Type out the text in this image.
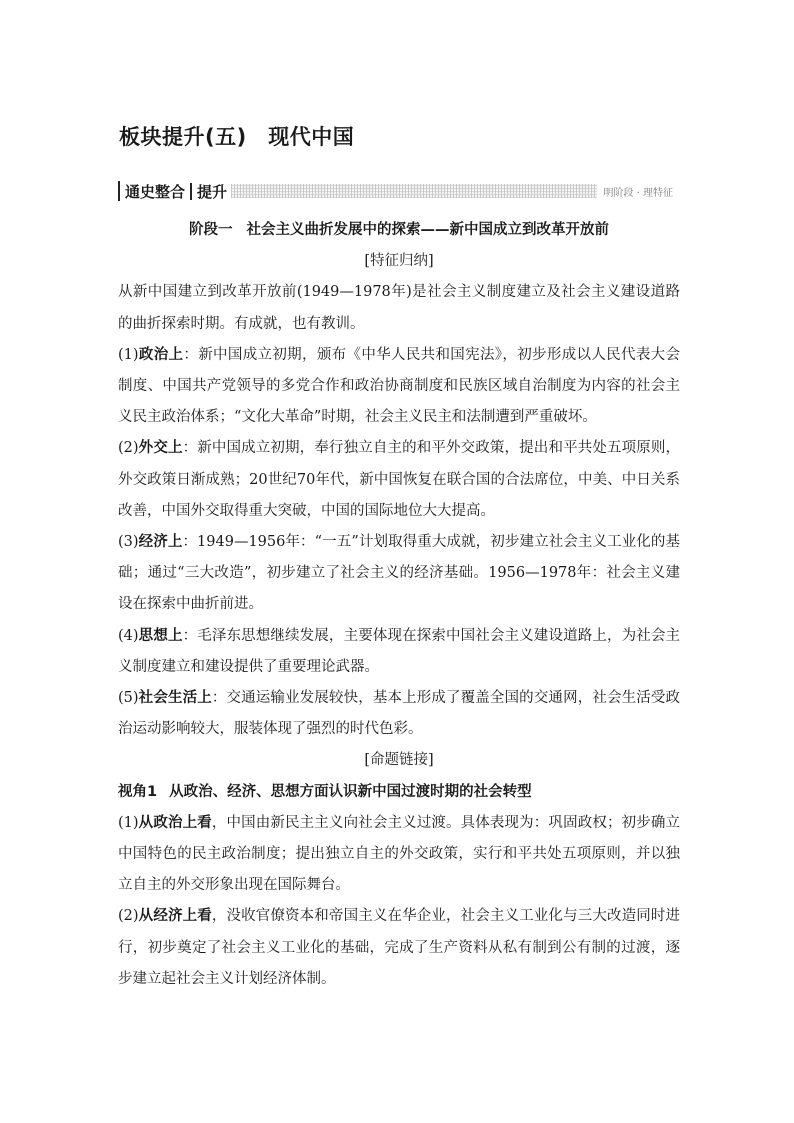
板块提升(五)　现代中国
通史整合 提升	明阶段 · 理特征

阶段一 社会主义曲折发展中的探索——新中国成立到改革开放前

[特征归纳]

从新中国建立到改革开放前(1949—1978年)是社会主义制度建立及社会主义建设道路的曲折探索时期。有成就，也有教训。

(1)政治上：新中国成立初期，颁布《中华人民共和国宪法》，初步形成以人民代表大会制度、中国共产党领导的多党合作和政治协商制度和民族区域自治制度为内容的社会主义民主政治体系；“文化大革命”时期，社会主义民主和法制遭到严重破坏。

(2)外交上：新中国成立初期，奉行独立自主的和平外交政策，提出和平共处五项原则，外交政策日渐成熟；20世纪70年代，新中国恢复在联合国的合法席位，中美、中日关系改善，中国外交取得重大突破，中国的国际地位大大提高。

(3)经济上：1949—1956年：“一五”计划取得重大成就，初步建立社会主义工业化的基础；通过“三大改造”，初步建立了社会主义的经济基础。1956—1978年：社会主义建设在探索中曲折前进。

(4)思想上：毛泽东思想继续发展，主要体现在探索中国社会主义建设道路上，为社会主义制度建立和建设提供了重要理论武器。

(5)社会生活上：交通运输业发展较快，基本上形成了覆盖全国的交通网，社会生活受政治运动影响较大，服装体现了强烈的时代色彩。

[命题链接]

视角1 从政治、经济、思想方面认识新中国过渡时期的社会转型

(1)从政治上看，中国由新民主主义向社会主义过渡。具体表现为：巩固政权；初步确立中国特色的民主政治制度；提出独立自主的外交政策，实行和平共处五项原则，并以独立自主的外交形象出现在国际舞台。

(2)从经济上看，没收官僚资本和帝国主义在华企业，社会主义工业化与三大改造同时进行，初步奠定了社会主义工业化的基础，完成了生产资料从私有制到公有制的过渡，逐步建立起社会主义计划经济体制。
